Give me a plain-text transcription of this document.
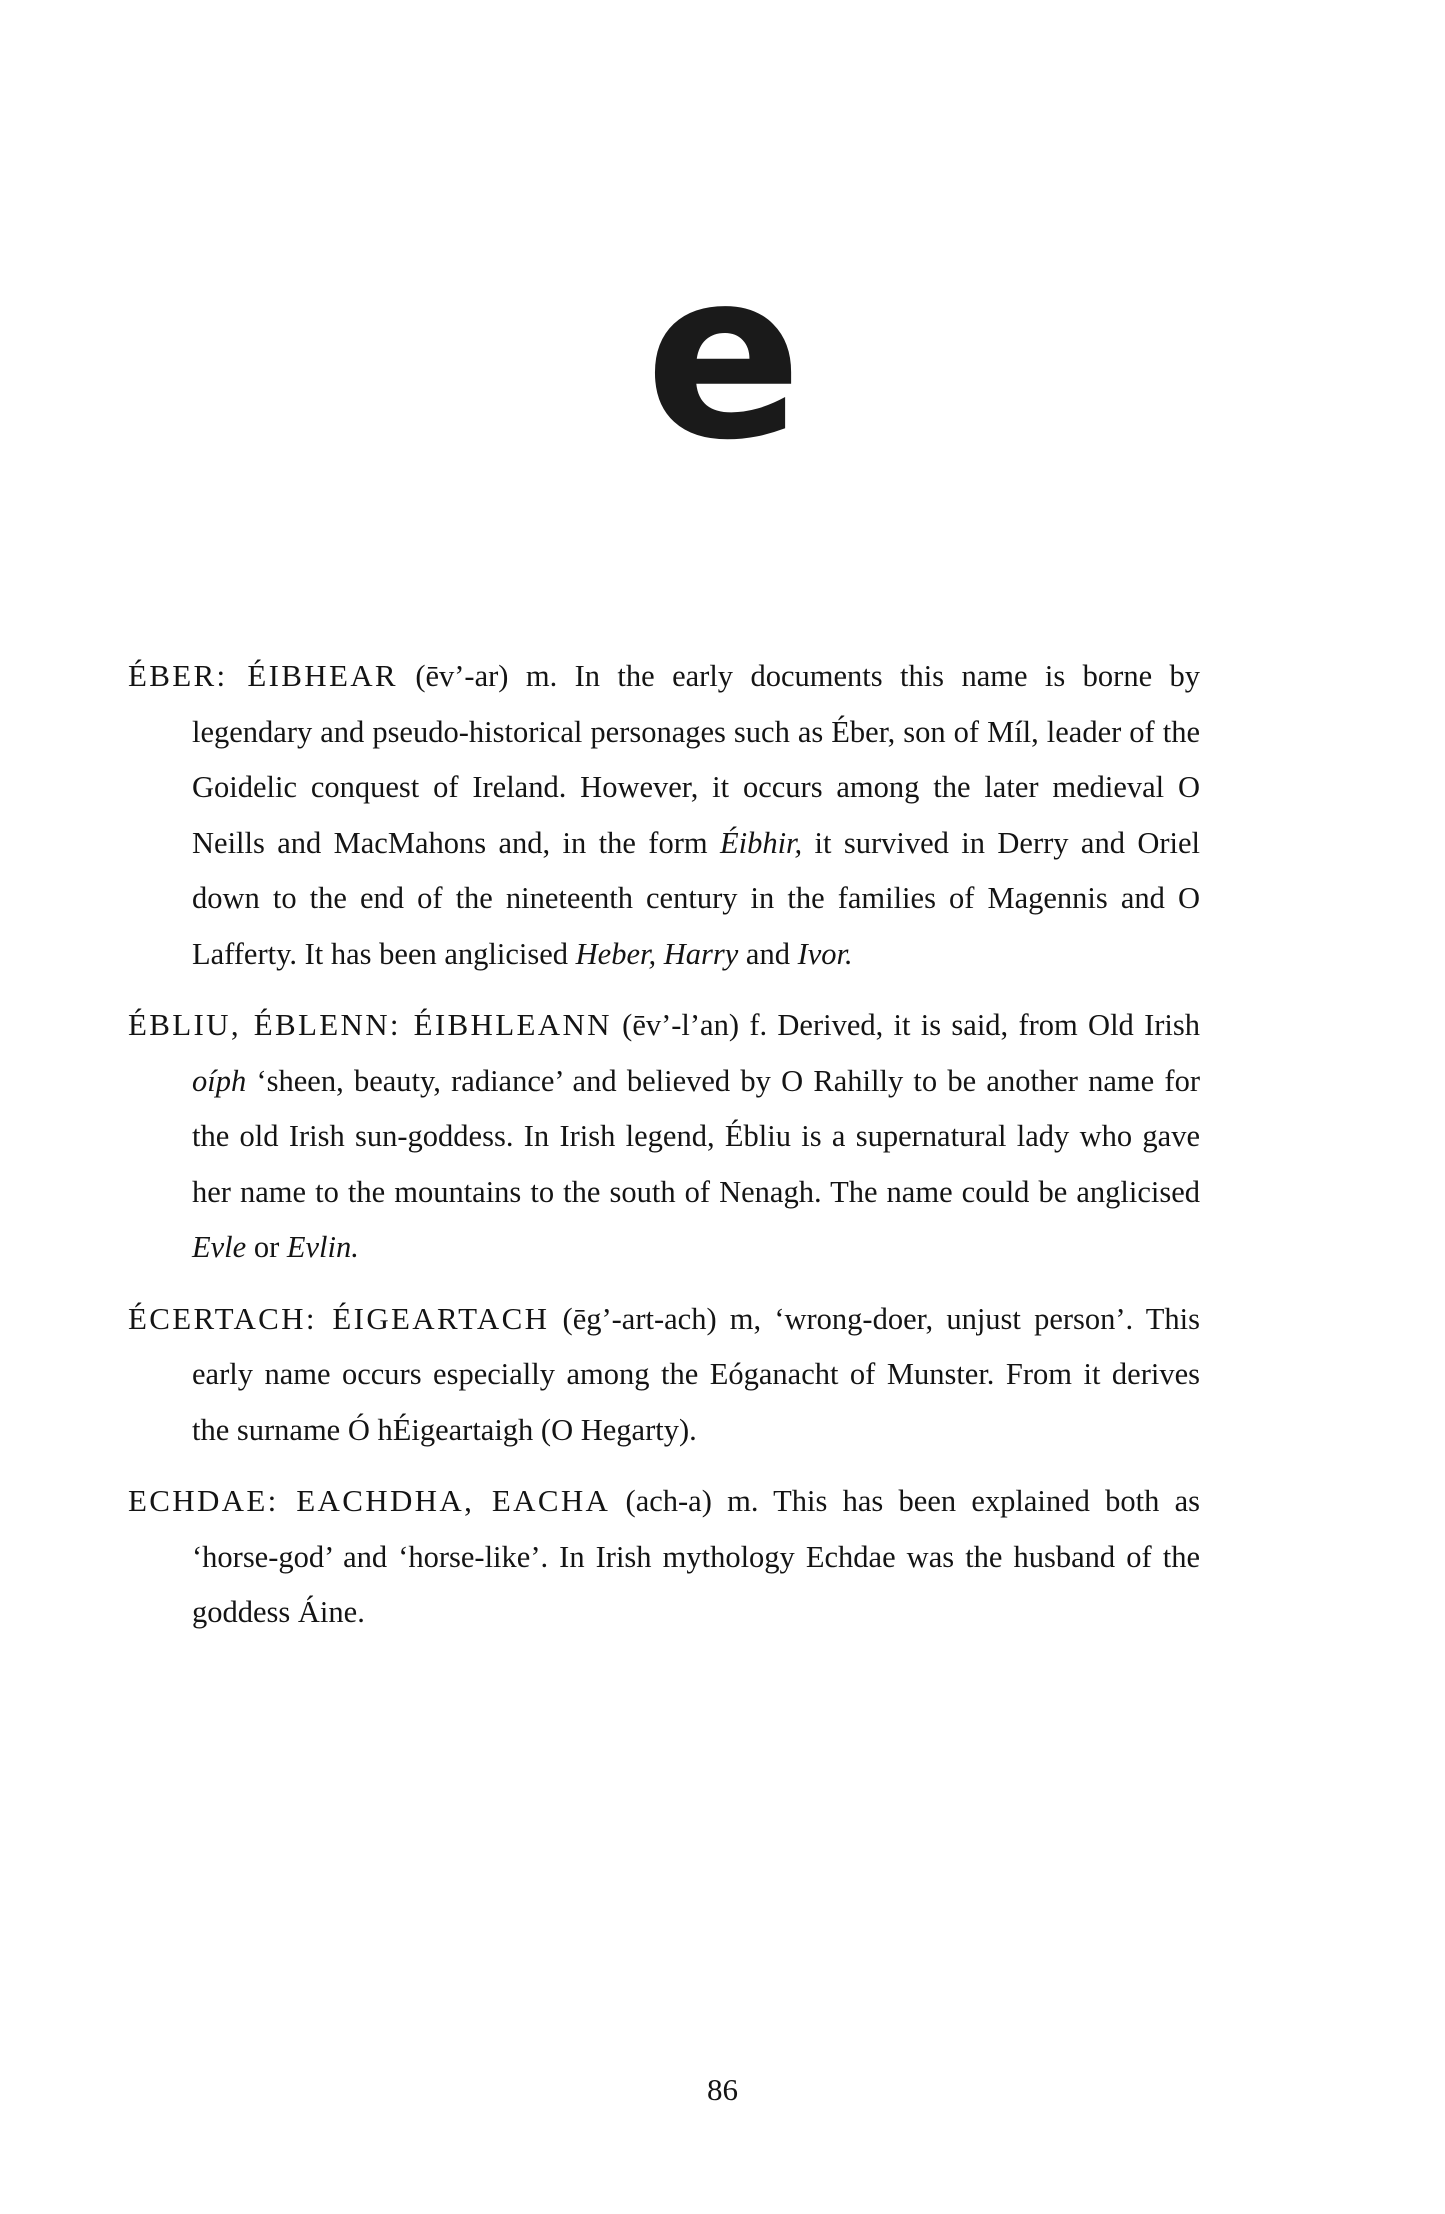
e

ÉBER: ÉIBHEAR (ēv’-ar) m. In the early documents this name is borne by legendary and pseudo-historical personages such as Éber, son of Míl, leader of the Goidelic conquest of Ireland. However, it occurs among the later medieval O Neills and MacMahons and, in the form Éibhir, it survived in Derry and Oriel down to the end of the nineteenth century in the families of Magennis and O Lafferty. It has been anglicised Heber, Harry and Ivor.

ÉBLIU, ÉBLENN: ÉIBHLEANN (ēv’-l’an) f. Derived, it is said, from Old Irish oíph ‘sheen, beauty, radiance’ and believed by O Rahilly to be another name for the old Irish sun-goddess. In Irish legend, Ébliu is a supernatural lady who gave her name to the mountains to the south of Nenagh. The name could be anglicised Evle or Evlin.

ÉCERTACH: ÉIGEARTACH (ēg’-art-ach) m, ‘wrong-doer, unjust person’. This early name occurs especially among the Eóganacht of Munster. From it derives the surname Ó hÉigeartaigh (O Hegarty).

ECHDAE: EACHDHA, EACHA (ach-a) m. This has been explained both as ‘horse-god’ and ‘horse-like’. In Irish mythology Echdae was the husband of the goddess Áine.

86
